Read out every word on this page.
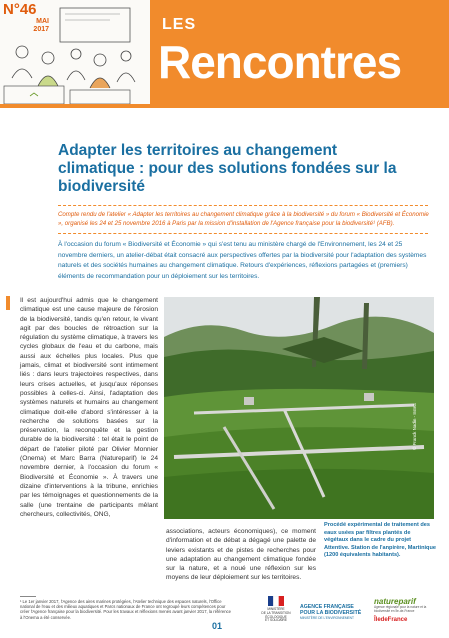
N°46
MAI
2017	LES
Rencontres
Adapter les territoires au changement climatique : pour des solutions fondées sur la biodiversité

Compte rendu de l'atelier « Adapter les territoires au changement climatique grâce à la biodiversité » du forum « Biodiversité et Économie », organisé les 24 et 25 novembre 2016 à Paris par la mission d'installation de l'Agence française pour la biodiversité¹ (AFB).

À l'occasion du forum « Biodiversité et Économie » qui s'est tenu au ministère chargé de l'Environnement, les 24 et 25 novembre derniers, un atelier-débat était consacré aux perspectives offertes par la biodiversité pour l'adaptation des systèmes naturels et des sociétés humaines au changement climatique. Retours d'expériences, réflexions partagées et (premiers) éléments de recommandation pour un déploiement sur les territoires.

Il est aujourd'hui admis que le changement climatique est une cause majeure de l'érosion de la biodiversité, tandis qu'en retour, le vivant agit par des boucles de rétroaction sur la régulation du système climatique, à travers les cycles globaux de l'eau et du carbone, mais aussi aux échelles plus locales. Plus que jamais, climat et biodiversité sont intimement liés : dans leurs trajectoires respectives, dans leurs crises actuelles, et jusqu'aux réponses possibles à celles-ci. Ainsi, l'adaptation des systèmes naturels et humains au changement climatique doit-elle d'abord s'intéresser à la recherche de solutions basées sur la préservation, la reconquête et la gestion durable de la biodiversité : tel était le point de départ de l'atelier piloté par Olivier Monnier (Onema) et Marc Barra (Natureparif) le 24 novembre dernier, à l'occasion du forum « Biodiversité et Économie ». À travers une dizaine d'interventions à la tribune, enrichies par les témoignages et questionnements de la salle (une trentaine de participants mêlant chercheurs, collectivités, ONG,

© Franck Nadin - Irstea

Procédé expérimental de traitement des eaux usées par filtres plantés de végétaux dans le cadre du projet Attentive. Station de l'anpirère, Martinique (1200 équivalents habitants).

associations, acteurs économiques), ce moment d'information et de débat a dégagé une palette de leviers existants et de pistes de recherches pour une adaptation au changement climatique fondée sur la nature, et a noué une réflexion sur les moyens de leur déploiement sur les territoires.

¹ Le 1er janvier 2017, l'Agence des aires marines protégées, l'Atelier technique des espaces naturels, l'Office national de l'eau et des milieux aquatiques et Parcs nationaux de France ont regroupé leurs compétences pour créer l'Agence française pour la biodiversité. Pour les travaux et réflexions menés avant janvier 2017, la référence à l'Onema a été conservée.

MINISTÈRE
DE LA TRANSITION
ÉCOLOGIQUE
ET SOLIDAIRE
AGENCE FRANÇAISE
POUR LA BIODIVERSITÉ
MINISTÈRE DE L'ENVIRONNEMENT
natureparif
Agence régionale pour la nature et la biodiversité en Île-de-France
ÎledeFrance
01
